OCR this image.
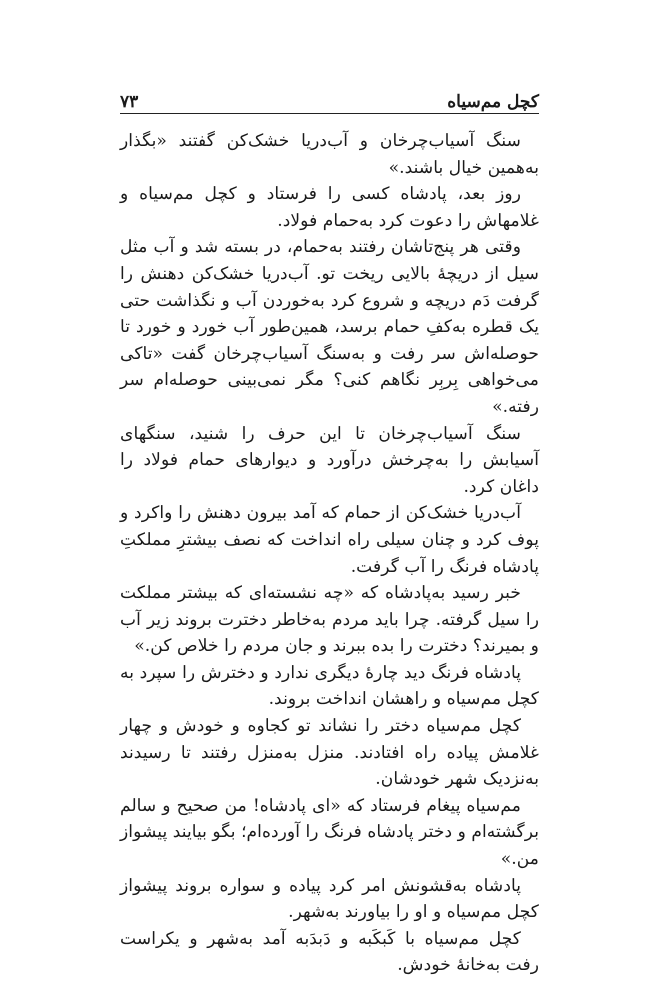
کچل مم‌سیاه
۷۳

سنگ آسیاب‌چرخان و آب‌دریا خشک‌کن گفتند «بگذار به‌همین خیال باشند.»

روز بعد، پادشاه کسی را فرستاد و کچل مم‌سیاه و غلامهاش را دعوت کرد به‌حمام فولاد.

وقتی هر پنج‌تاشان رفتند به‌حمام، در بسته شد و آب مثل سیل از دریچهٔ بالایی ریخت تو. آب‌دریا خشک‌کن دهنش را گرفت دَم دریچه و شروع کرد به‌خوردن آب و نگذاشت حتی یک قطره به‌کفِ حمام برسد، همین‌طور آب خورد و خورد تا حوصله‌اش سر رفت و به‌سنگ آسیاب‌چرخان گفت «تاکی می‌خواهی بِربِر نگاهم کنی؟ مگر نمی‌بینی حوصله‌ام سر رفته.»

سنگ آسیاب‌چرخان تا این حرف را شنید، سنگهای آسیابش را به‌چرخش درآورد و دیوارهای حمام فولاد را داغان کرد.

آب‌دریا خشک‌کن از حمام که آمد بیرون دهنش را واکرد و پوف کرد و چنان سیلی راه انداخت که نصف بیشترِ مملکتِ پادشاه فرنگ را آب گرفت.

خبر رسید به‌پادشاه که «چه نشسته‌ای که بیشتر مملکت را سیل گرفته. چرا باید مردم به‌خاطر دخترت بروند زیر آب و بمیرند؟ دخترت را بده ببرند و جان مردم را خلاص کن.»

پادشاه فرنگ دید چارهٔ دیگری ندارد و دخترش را سپرد به کچل مم‌سیاه و راهشان انداخت بروند.

کچل مم‌سیاه دختر را نشاند تو کجاوه و خودش و چهار غلامش پیاده راه افتادند. منزل به‌منزل رفتند تا رسیدند به‌نزدیک شهر خودشان.

مم‌سیاه پیغام فرستاد که «ای پادشاه! من صحیح و سالم برگشته‌ام و دختر پادشاه فرنگ را آورده‌ام؛ بگو بیایند پیشواز من.»

پادشاه به‌قشونش امر کرد پیاده و سواره بروند پیشواز کچل مم‌سیاه و او را بیاورند به‌شهر.

کچل مم‌سیاه با کَبکَبه و دَبدَبه آمد به‌شهر و یکراست رفت به‌خانهٔ خودش.
